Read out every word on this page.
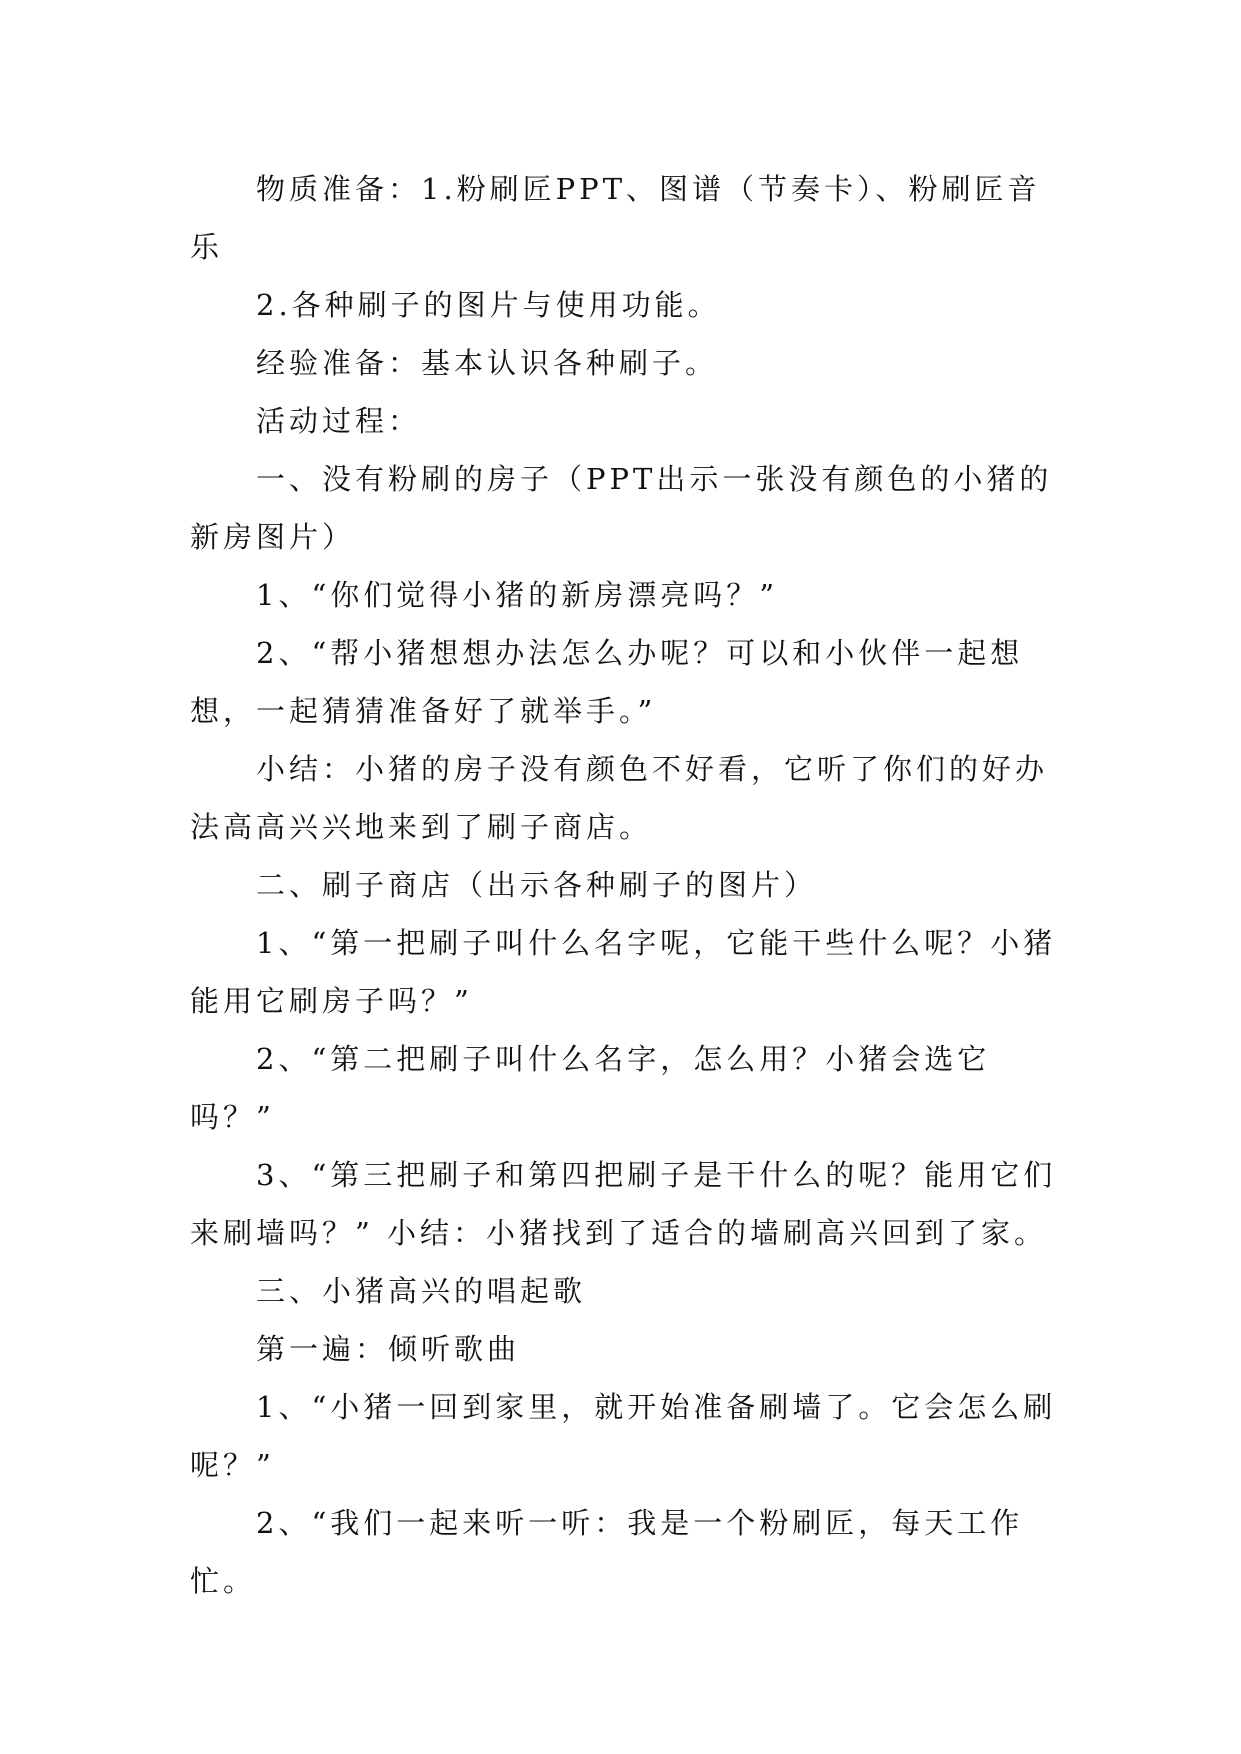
物质准备：1.粉刷匠PPT、图谱（节奏卡）、粉刷匠音乐

2.各种刷子的图片与使用功能。

经验准备：基本认识各种刷子。

活动过程：

一、没有粉刷的房子（PPT出示一张没有颜色的小猪的新房图片）

1、“你们觉得小猪的新房漂亮吗？”

2、“帮小猪想想办法怎么办呢？可以和小伙伴一起想想，一起猜猜准备好了就举手。”

小结：小猪的房子没有颜色不好看，它听了你们的好办法高高兴兴地来到了刷子商店。

二、刷子商店（出示各种刷子的图片）

1、“第一把刷子叫什么名字呢，它能干些什么呢？小猪能用它刷房子吗？”

2、“第二把刷子叫什么名字，怎么用？小猪会选它吗？”

3、“第三把刷子和第四把刷子是干什么的呢？能用它们来刷墙吗？” 小结：小猪找到了适合的墙刷高兴回到了家。

三、小猪高兴的唱起歌

第一遍：倾听歌曲

1、“小猪一回到家里，就开始准备刷墙了。它会怎么刷呢？”

2、“我们一起来听一听：我是一个粉刷匠，每天工作忙。
